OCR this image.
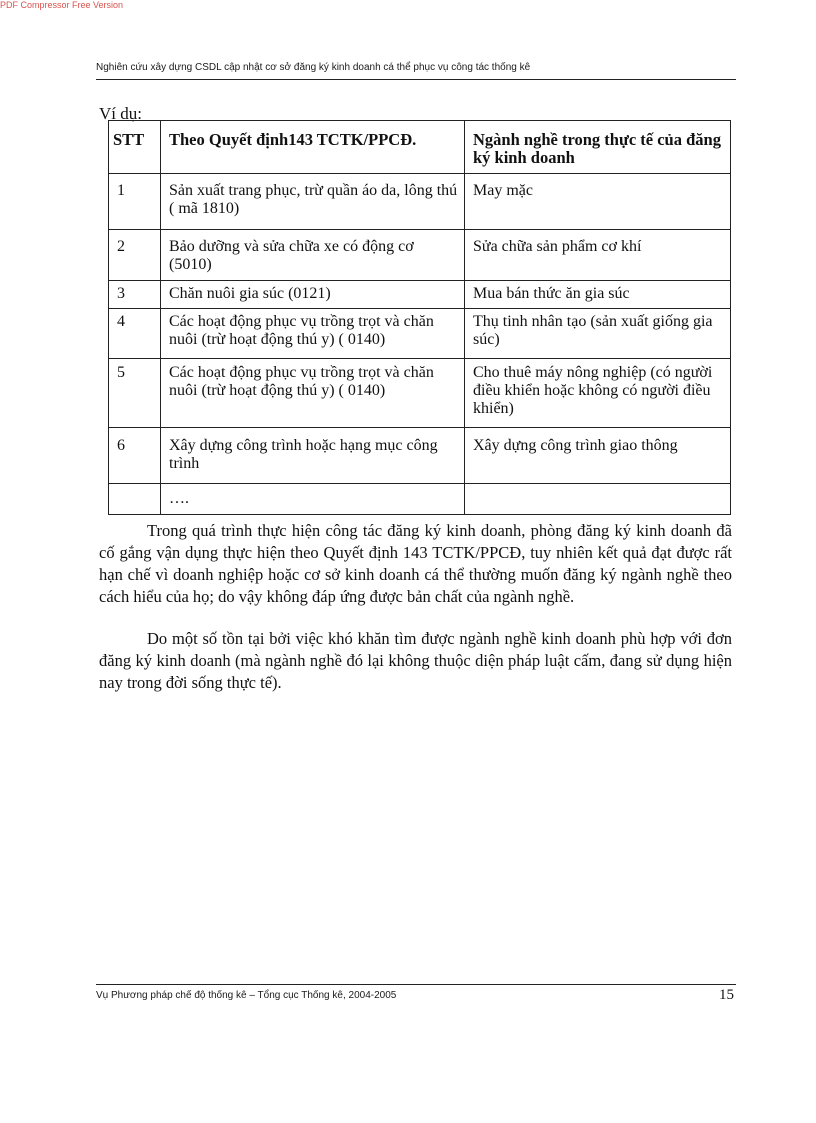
PDF Compressor Free Version
Nghiên cứu xây dựng CSDL cập nhật cơ sở đăng ký kinh doanh cá thể phục vụ công tác thống kê
Ví dụ:
STT	Theo Quyết định143 TCTK/PPCĐ.	Ngành nghề trong thực tế của đăng ký kinh doanh
1	Sản xuất trang phục, trừ quần áo da, lông thú ( mã 1810)	May mặc
2	Bảo dưỡng và sửa chữa xe có động cơ (5010)	Sửa chữa sản phẩm cơ khí
3	Chăn nuôi gia súc (0121)	Mua bán thức ăn gia súc
4	Các hoạt động phục vụ trồng trọt và chăn nuôi (trừ hoạt động thú y) ( 0140)	Thụ tinh nhân tạo (sản xuất giống gia súc)
5	Các hoạt động phục vụ trồng trọt và chăn nuôi (trừ hoạt động thú y) ( 0140)	Cho thuê máy nông nghiệp (có người điều khiển hoặc không có người điều khiển)
6	Xây dựng công trình hoặc hạng mục công trình	Xây dựng công trình giao thông
	….	

Trong quá trình thực hiện công tác đăng ký kinh doanh, phòng đăng ký kinh doanh đã cố gắng vận dụng thực hiện theo Quyết định 143 TCTK/PPCĐ, tuy nhiên kết quả đạt được rất hạn chế vì doanh nghiệp hoặc cơ sở kinh doanh cá thể thường muốn đăng ký ngành nghề theo cách hiểu của họ; do vậy không đáp ứng được bản chất của ngành nghề.

Do một số tồn tại bởi việc khó khăn tìm được ngành nghề kinh doanh phù hợp với đơn đăng ký kinh doanh (mà ngành nghề đó lại không thuộc diện pháp luật cấm, đang sử dụng hiện nay trong đời sống thực tế).

Vụ Phương pháp chế độ thống kê – Tổng cục Thống kê, 2004-2005	15
